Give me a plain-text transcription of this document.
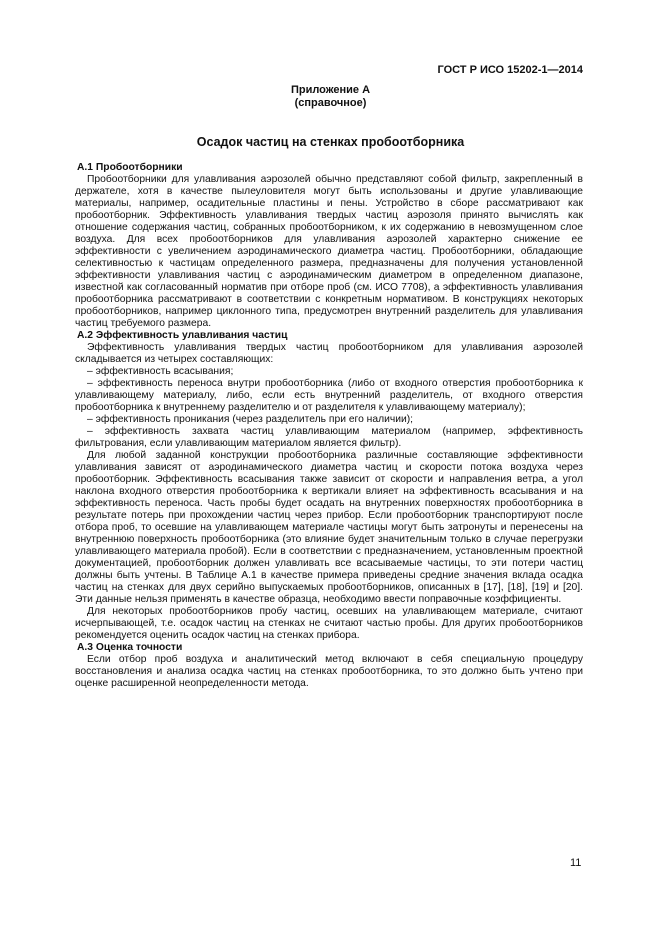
ГОСТ Р ИСО 15202-1—2014
Приложение А
(справочное)
Осадок частиц на стенках пробоотборника
А.1 Пробоотборники

Пробоотборники для улавливания аэрозолей обычно представляют собой фильтр, закрепленный в держателе, хотя в качестве пылеуловителя могут быть использованы и другие улавливающие материалы, например, осадительные пластины и пены. Устройство в сборе рассматривают как пробоотборник. Эффективность улавливания твердых частиц аэрозоля принято вычислять как отношение содержания частиц, собранных пробоотборником, к их содержанию в невозмущенном слое воздуха. Для всех пробоотборников для улавливания аэрозолей характерно снижение ее эффективности с увеличением аэродинамического диаметра частиц. Пробоотборники, обладающие селективностью к частицам определенного размера, предназначены для получения установленной эффективности улавливания частиц с аэродинамическим диаметром в определенном диапазоне, известной как согласованный норматив при отборе проб (см. ИСО 7708), а эффективность улавливания пробоотборника рассматривают в соответствии с конкретным нормативом. В конструкциях некоторых пробоотборников, например циклонного типа, предусмотрен внутренний разделитель для улавливания частиц требуемого размера.

А.2 Эффективность улавливания частиц

Эффективность улавливания твердых частиц пробоотборником для улавливания аэрозолей складывается из четырех составляющих:

– эффективность всасывания;

– эффективность переноса внутри пробоотборника (либо от входного отверстия пробоотборника к улавливающему материалу, либо, если есть внутренний разделитель, от входного отверстия пробоотборника к внутреннему разделителю и от разделителя к улавливающему материалу);

– эффективность проникания (через разделитель при его наличии);

– эффективность захвата частиц улавливающим материалом (например, эффективность фильтрования, если улавливающим материалом является фильтр).

Для любой заданной конструкции пробоотборника различные составляющие эффективности улавливания зависят от аэродинамического диаметра частиц и скорости потока воздуха через пробоотборник. Эффективность всасывания также зависит от скорости и направления ветра, а угол наклона входного отверстия пробоотборника к вертикали влияет на эффективность всасывания и на эффективность переноса. Часть пробы будет осадать на внутренних поверхностях пробоотборника в результате потерь при прохождении частиц через прибор. Если пробоотборник транспортируют после отбора проб, то осевшие на улавливающем материале частицы могут быть затронуты и перенесены на внутреннюю поверхность пробоотборника (это влияние будет значительным только в случае перегрузки улавливающего материала пробой). Если в соответствии с предназначением, установленным проектной документацией, пробоотборник должен улавливать все всасываемые частицы, то эти потери частиц должны быть учтены. В Таблице А.1 в качестве примера приведены средние значения вклада осадка частиц на стенках для двух серийно выпускаемых пробоотборников, описанных в [17], [18], [19] и [20]. Эти данные нельзя применять в качестве образца, необходимо ввести поправочные коэффициенты.

Для некоторых пробоотборников пробу частиц, осевших на улавливающем материале, считают исчерпывающей, т.е. осадок частиц на стенках не считают частью пробы. Для других пробоотборников рекомендуется оценить осадок частиц на стенках прибора.

А.3 Оценка точности

Если отбор проб воздуха и аналитический метод включают в себя специальную процедуру восстановления и анализа осадка частиц на стенках пробоотборника, то это должно быть учтено при оценке расширенной неопределенности метода.

11
